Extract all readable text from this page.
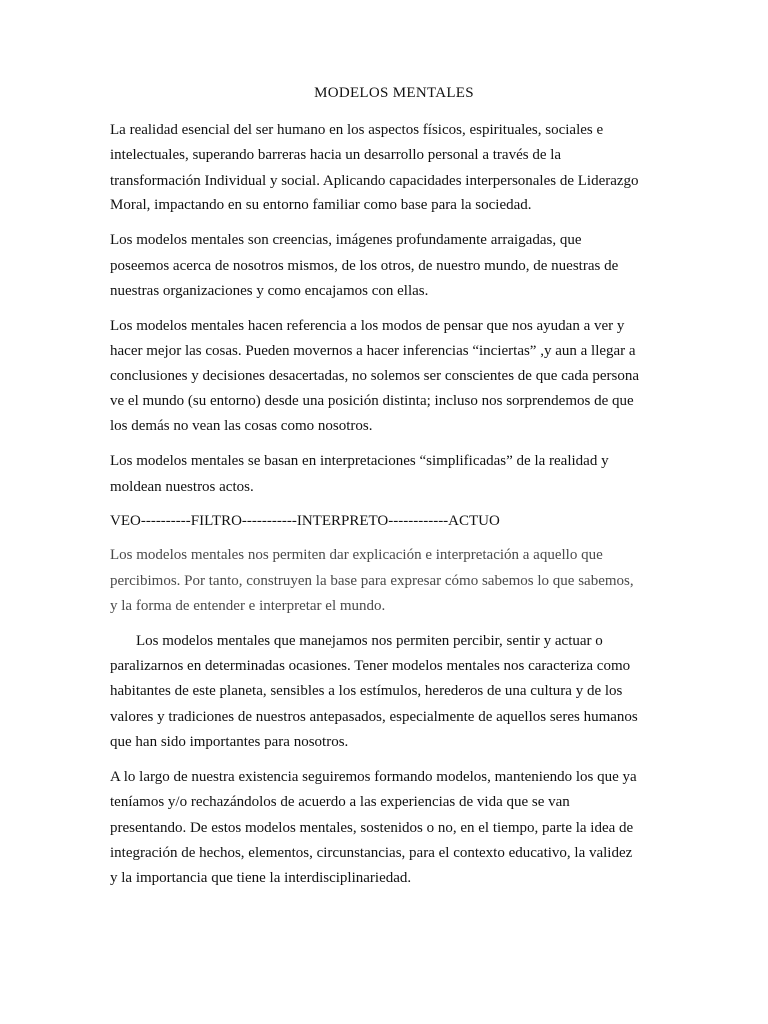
MODELOS MENTALES
La realidad esencial del ser humano en los aspectos físicos, espirituales, sociales e
intelectuales, superando barreras hacia un desarrollo personal a través de la
transformación Individual y social. Aplicando capacidades interpersonales de Liderazgo
Moral, impactando en su entorno familiar como base para la sociedad.
Los modelos mentales son creencias, imágenes profundamente arraigadas, que
poseemos acerca de nosotros mismos, de los otros, de nuestro mundo, de nuestras de
nuestras organizaciones y como encajamos con ellas.
Los modelos mentales hacen referencia a los modos de pensar que nos ayudan a ver y
hacer mejor las cosas. Pueden movernos a hacer inferencias “inciertas” ,y aun a llegar a
conclusiones y decisiones desacertadas, no solemos ser conscientes de que cada persona
ve el mundo (su entorno) desde una posición distinta; incluso nos sorprendemos de que
los demás no vean las cosas como nosotros.
Los modelos mentales se basan en interpretaciones “simplificadas” de la realidad y
moldean nuestros actos.
VEO----------FILTRO-----------INTERPRETO------------ACTUO
Los modelos mentales nos permiten dar explicación e interpretación a aquello que
percibimos. Por tanto, construyen la base para expresar cómo sabemos lo que sabemos,
y la forma de entender e interpretar el mundo.
Los modelos mentales que manejamos nos permiten percibir, sentir y actuar o
paralizarnos en determinadas ocasiones. Tener modelos mentales nos caracteriza como
habitantes de este planeta, sensibles a los estímulos, herederos de una cultura y de los
valores y tradiciones de nuestros antepasados, especialmente de aquellos seres humanos
que han sido importantes para nosotros.
A lo largo de nuestra existencia seguiremos formando modelos, manteniendo los que ya
teníamos y/o rechazándolos de acuerdo a las experiencias de vida que se van
presentando. De estos modelos mentales, sostenidos o no, en el tiempo, parte la idea de
integración de hechos, elementos, circunstancias, para el contexto educativo, la validez
y la importancia que tiene la interdisciplinariedad.
